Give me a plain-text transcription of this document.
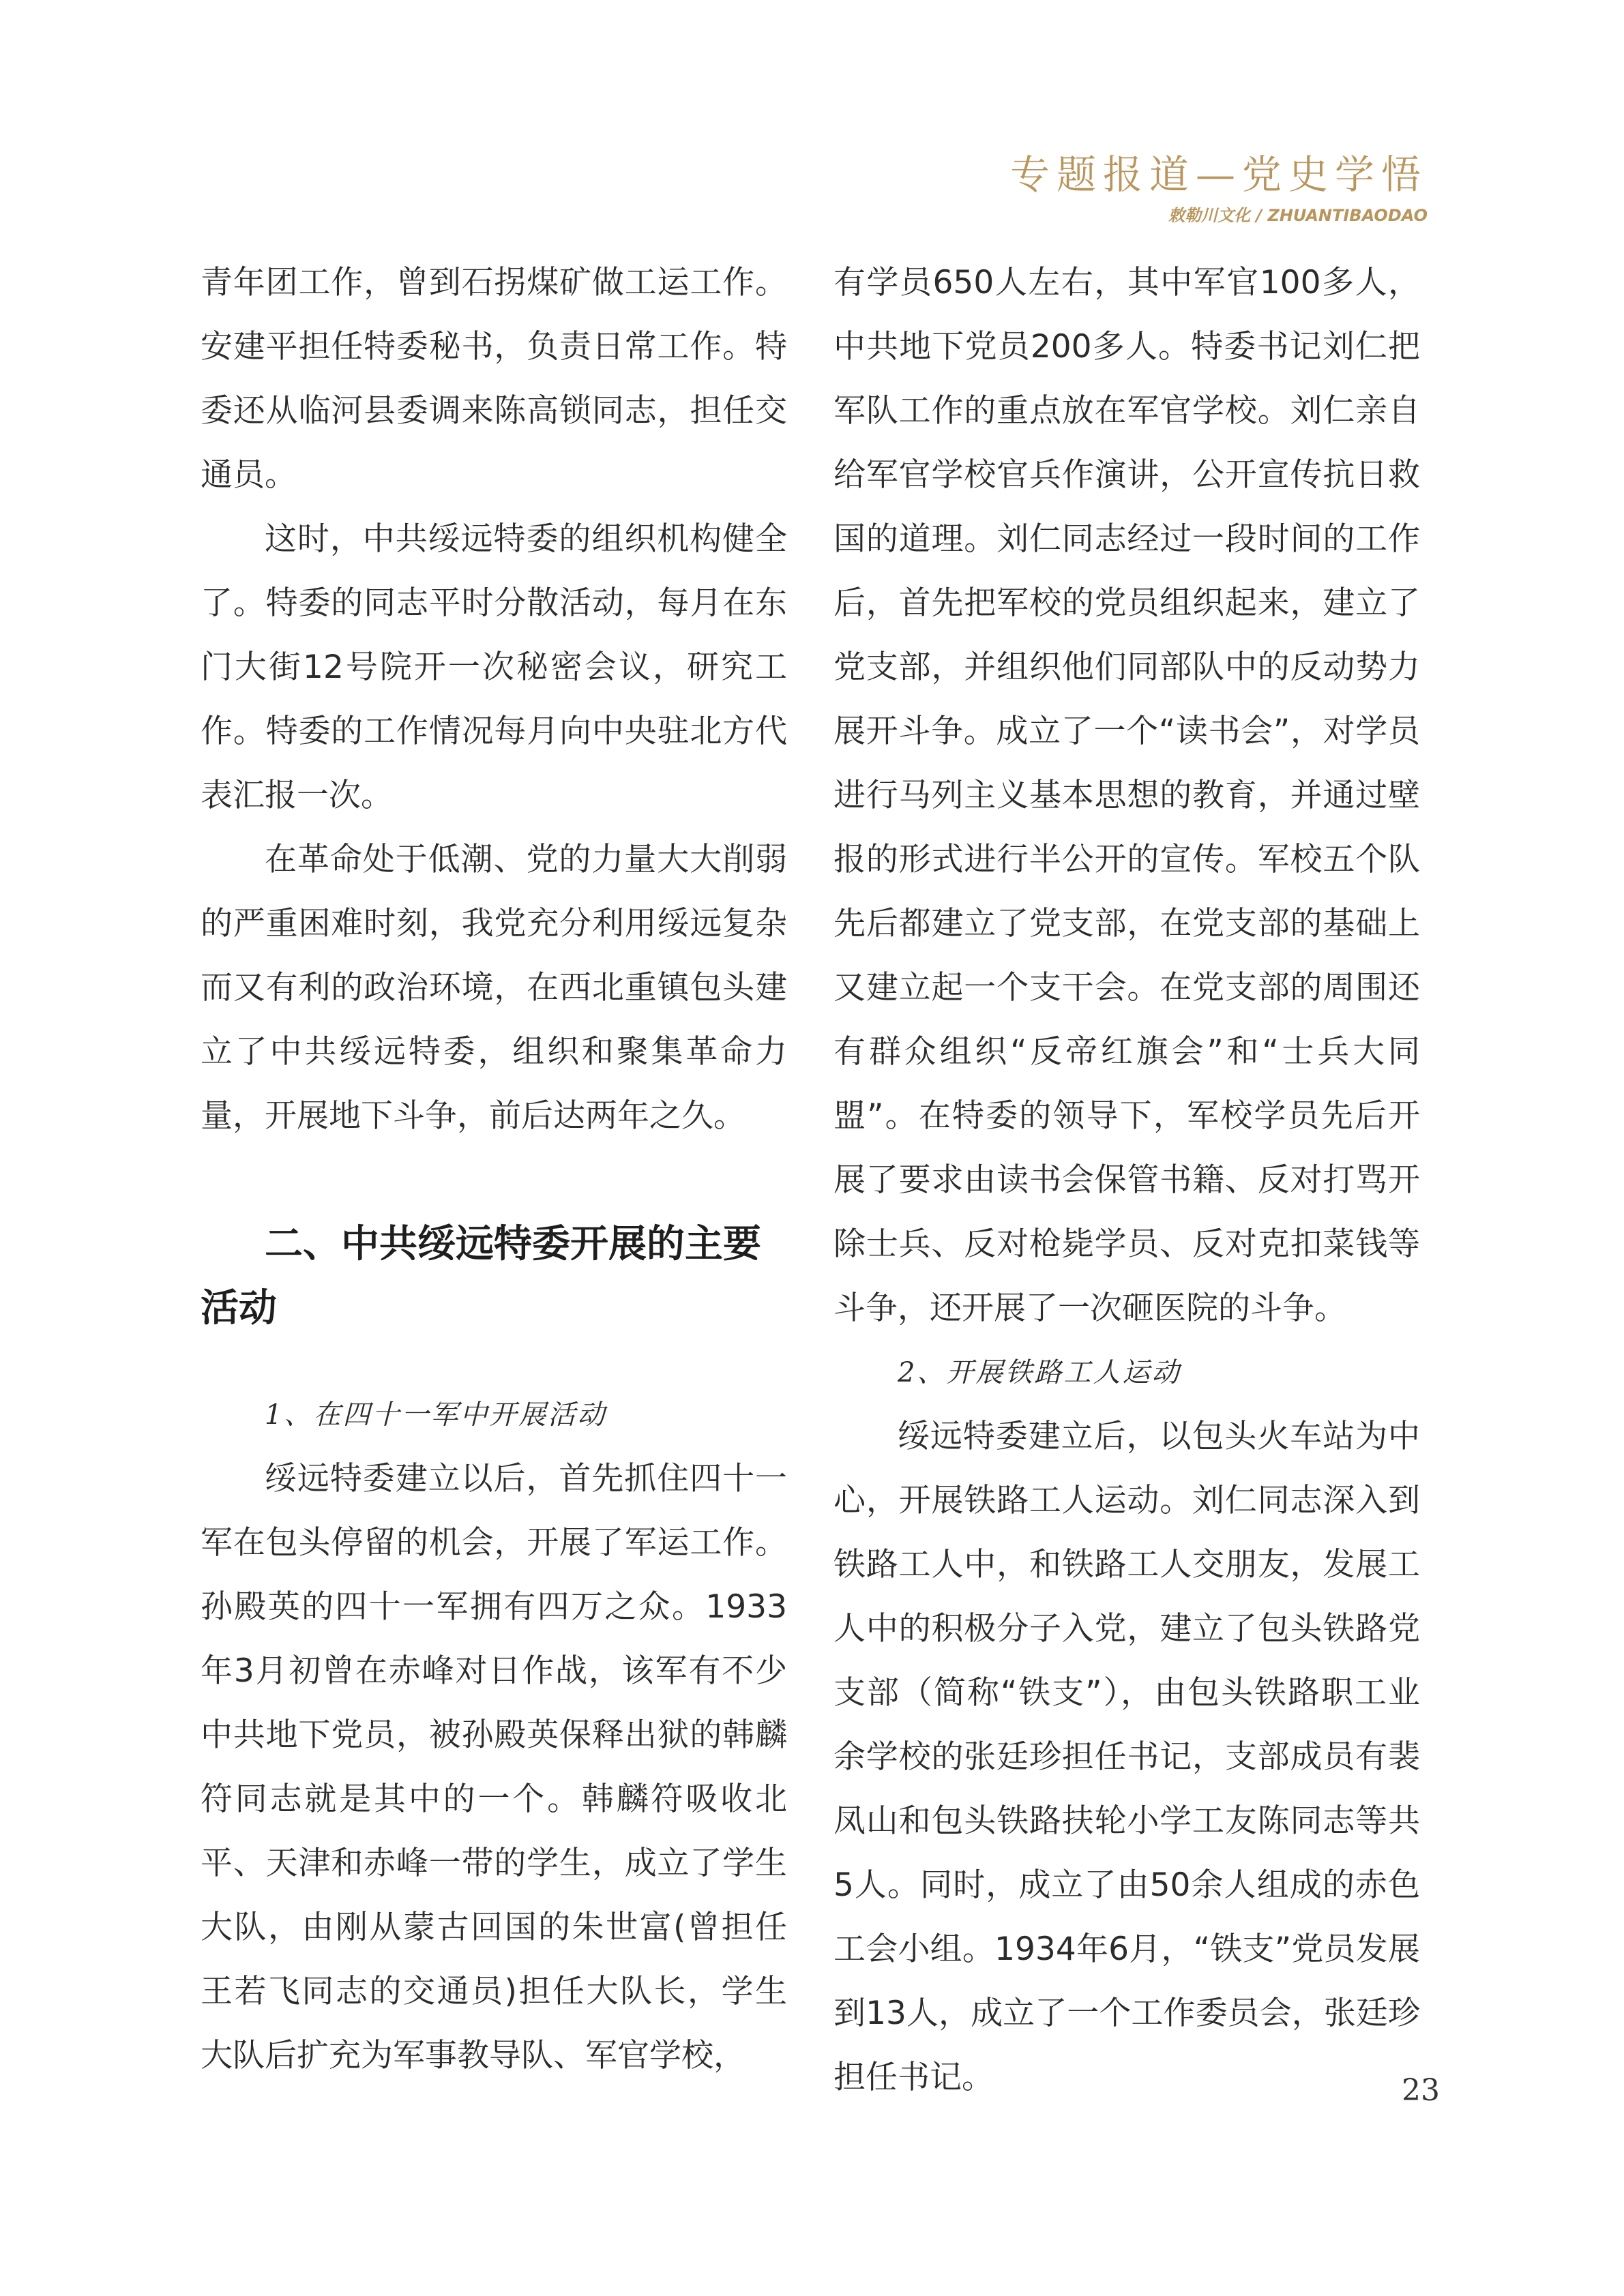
专题报道—党史学悟
敕勒川文化 / ZHUANTIBAODAO

青年团工作，曾到石拐煤矿做工运工作。安建平担任特委秘书，负责日常工作。特委还从临河县委调来陈高锁同志，担任交通员。

这时，中共绥远特委的组织机构健全了。特委的同志平时分散活动，每月在东门大街12号院开一次秘密会议，研究工作。特委的工作情况每月向中央驻北方代表汇报一次。

在革命处于低潮、党的力量大大削弱的严重困难时刻，我党充分利用绥远复杂而又有利的政治环境，在西北重镇包头建立了中共绥远特委，组织和聚集革命力量，开展地下斗争，前后达两年之久。

二、中共绥远特委开展的主要活动

1、在四十一军中开展活动

绥远特委建立以后，首先抓住四十一军在包头停留的机会，开展了军运工作。孙殿英的四十一军拥有四万之众。1933年3月初曾在赤峰对日作战，该军有不少中共地下党员，被孙殿英保释出狱的韩麟符同志就是其中的一个。韩麟符吸收北平、天津和赤峰一带的学生，成立了学生大队，由刚从蒙古回国的朱世富(曾担任王若飞同志的交通员)担任大队长，学生大队后扩充为军事教导队、军官学校，

有学员650人左右，其中军官100多人，中共地下党员200多人。特委书记刘仁把军队工作的重点放在军官学校。刘仁亲自给军官学校官兵作演讲，公开宣传抗日救国的道理。刘仁同志经过一段时间的工作后，首先把军校的党员组织起来，建立了党支部，并组织他们同部队中的反动势力展开斗争。成立了一个“读书会”，对学员进行马列主义基本思想的教育，并通过壁报的形式进行半公开的宣传。军校五个队先后都建立了党支部，在党支部的基础上又建立起一个支干会。在党支部的周围还有群众组织“反帝红旗会”和“士兵大同盟”。在特委的领导下，军校学员先后开展了要求由读书会保管书籍、反对打骂开除士兵、反对枪毙学员、反对克扣菜钱等斗争，还开展了一次砸医院的斗争。

2、开展铁路工人运动

绥远特委建立后，以包头火车站为中心，开展铁路工人运动。刘仁同志深入到铁路工人中，和铁路工人交朋友，发展工人中的积极分子入党，建立了包头铁路党支部（简称“铁支”），由包头铁路职工业余学校的张廷珍担任书记，支部成员有裴凤山和包头铁路扶轮小学工友陈同志等共5人。同时，成立了由50余人组成的赤色工会小组。1934年6月，“铁支”党员发展到13人，成立了一个工作委员会，张廷珍担任书记。	23
